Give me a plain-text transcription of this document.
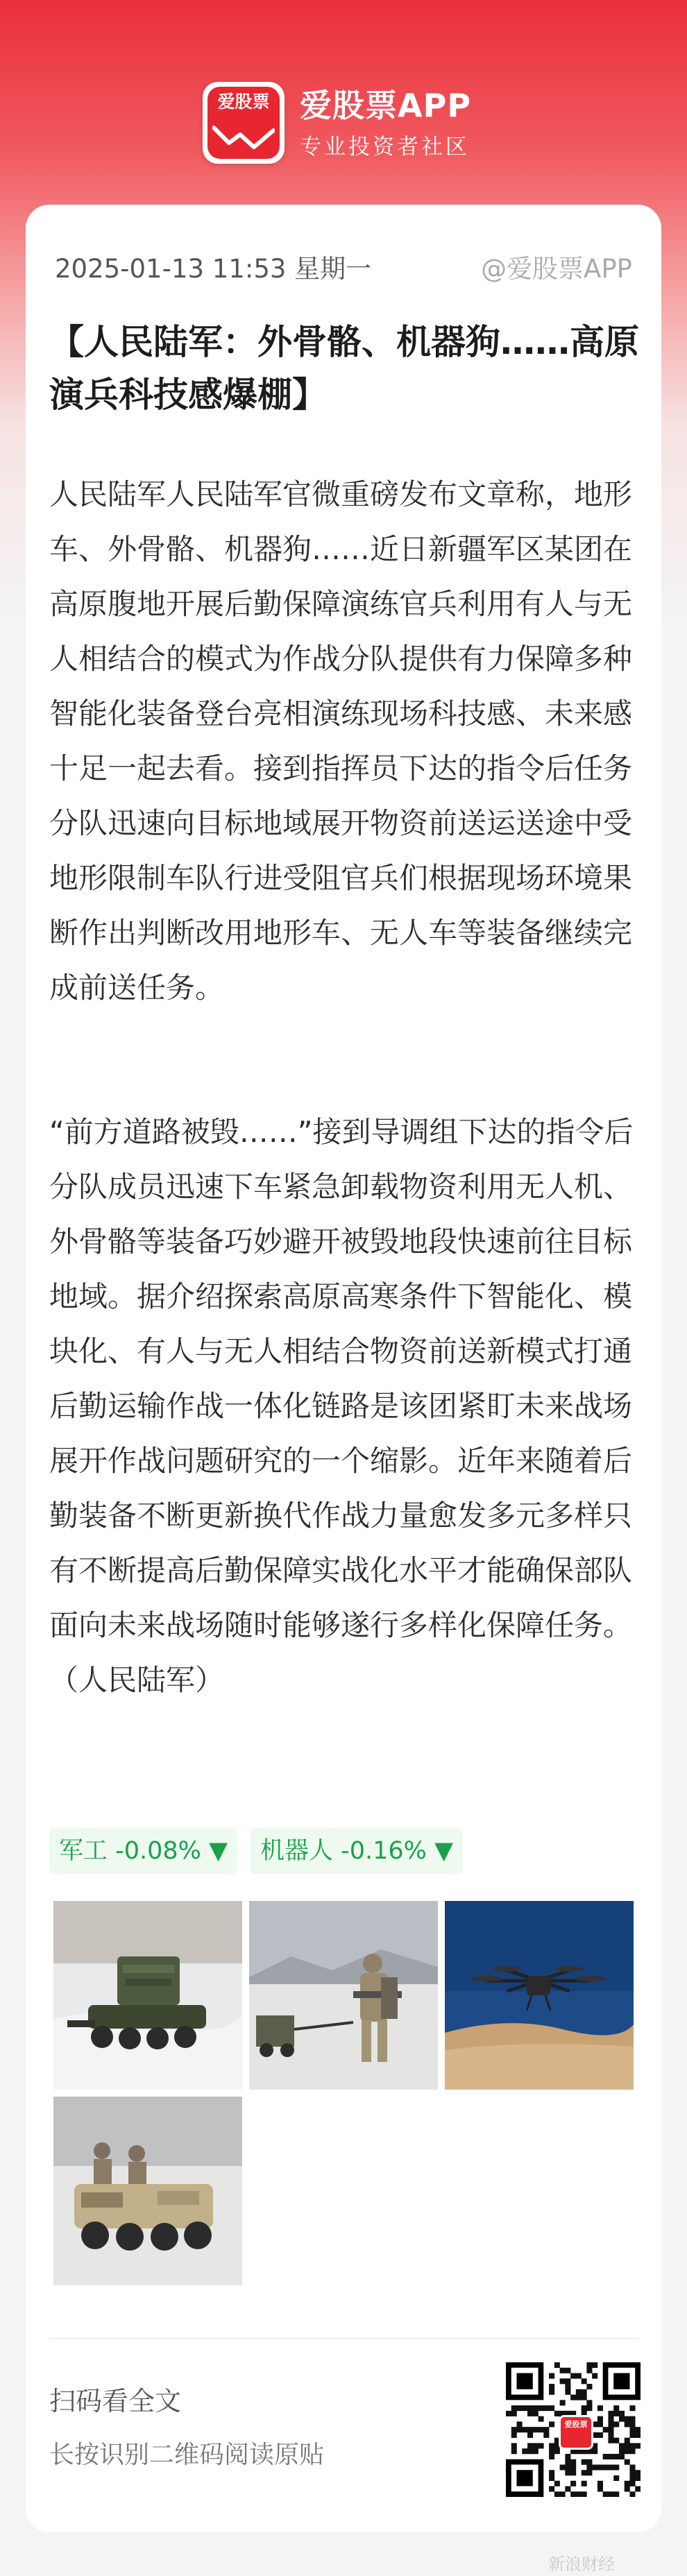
爱股票 爱股票APP
专业投资者社区
2025-01-13 11:53 星期一	@爱股票APP
【人民陆军：外骨骼、机器狗……高原演兵科技感爆棚】

人民陆军人民陆军官微重磅发布文章称，地形车、外骨骼、机器狗……近日新疆军区某团在高原腹地开展后勤保障演练官兵利用有人与无人相结合的模式为作战分队提供有力保障多种智能化装备登台亮相演练现场科技感、未来感十足一起去看。接到指挥员下达的指令后任务分队迅速向目标地域展开物资前送运送途中受地形限制车队行进受阻官兵们根据现场环境果断作出判断改用地形车、无人车等装备继续完成前送任务。

“前方道路被毁……”接到导调组下达的指令后分队成员迅速下车紧急卸载物资利用无人机、外骨骼等装备巧妙避开被毁地段快速前往目标地域。据介绍探索高原高寒条件下智能化、模块化、有人与无人相结合物资前送新模式打通后勤运输作战一体化链路是该团紧盯未来战场展开作战问题研究的一个缩影。近年来随着后勤装备不断更新换代作战力量愈发多元多样只有不断提高后勤保障实战化水平才能确保部队面向未来战场随时能够遂行多样化保障任务。（人民陆军）

军工 -0.08% ▼	机器人 -0.16% ▼
扫码看全文
长按识别二维码阅读原贴
爱股票
新浪财经
